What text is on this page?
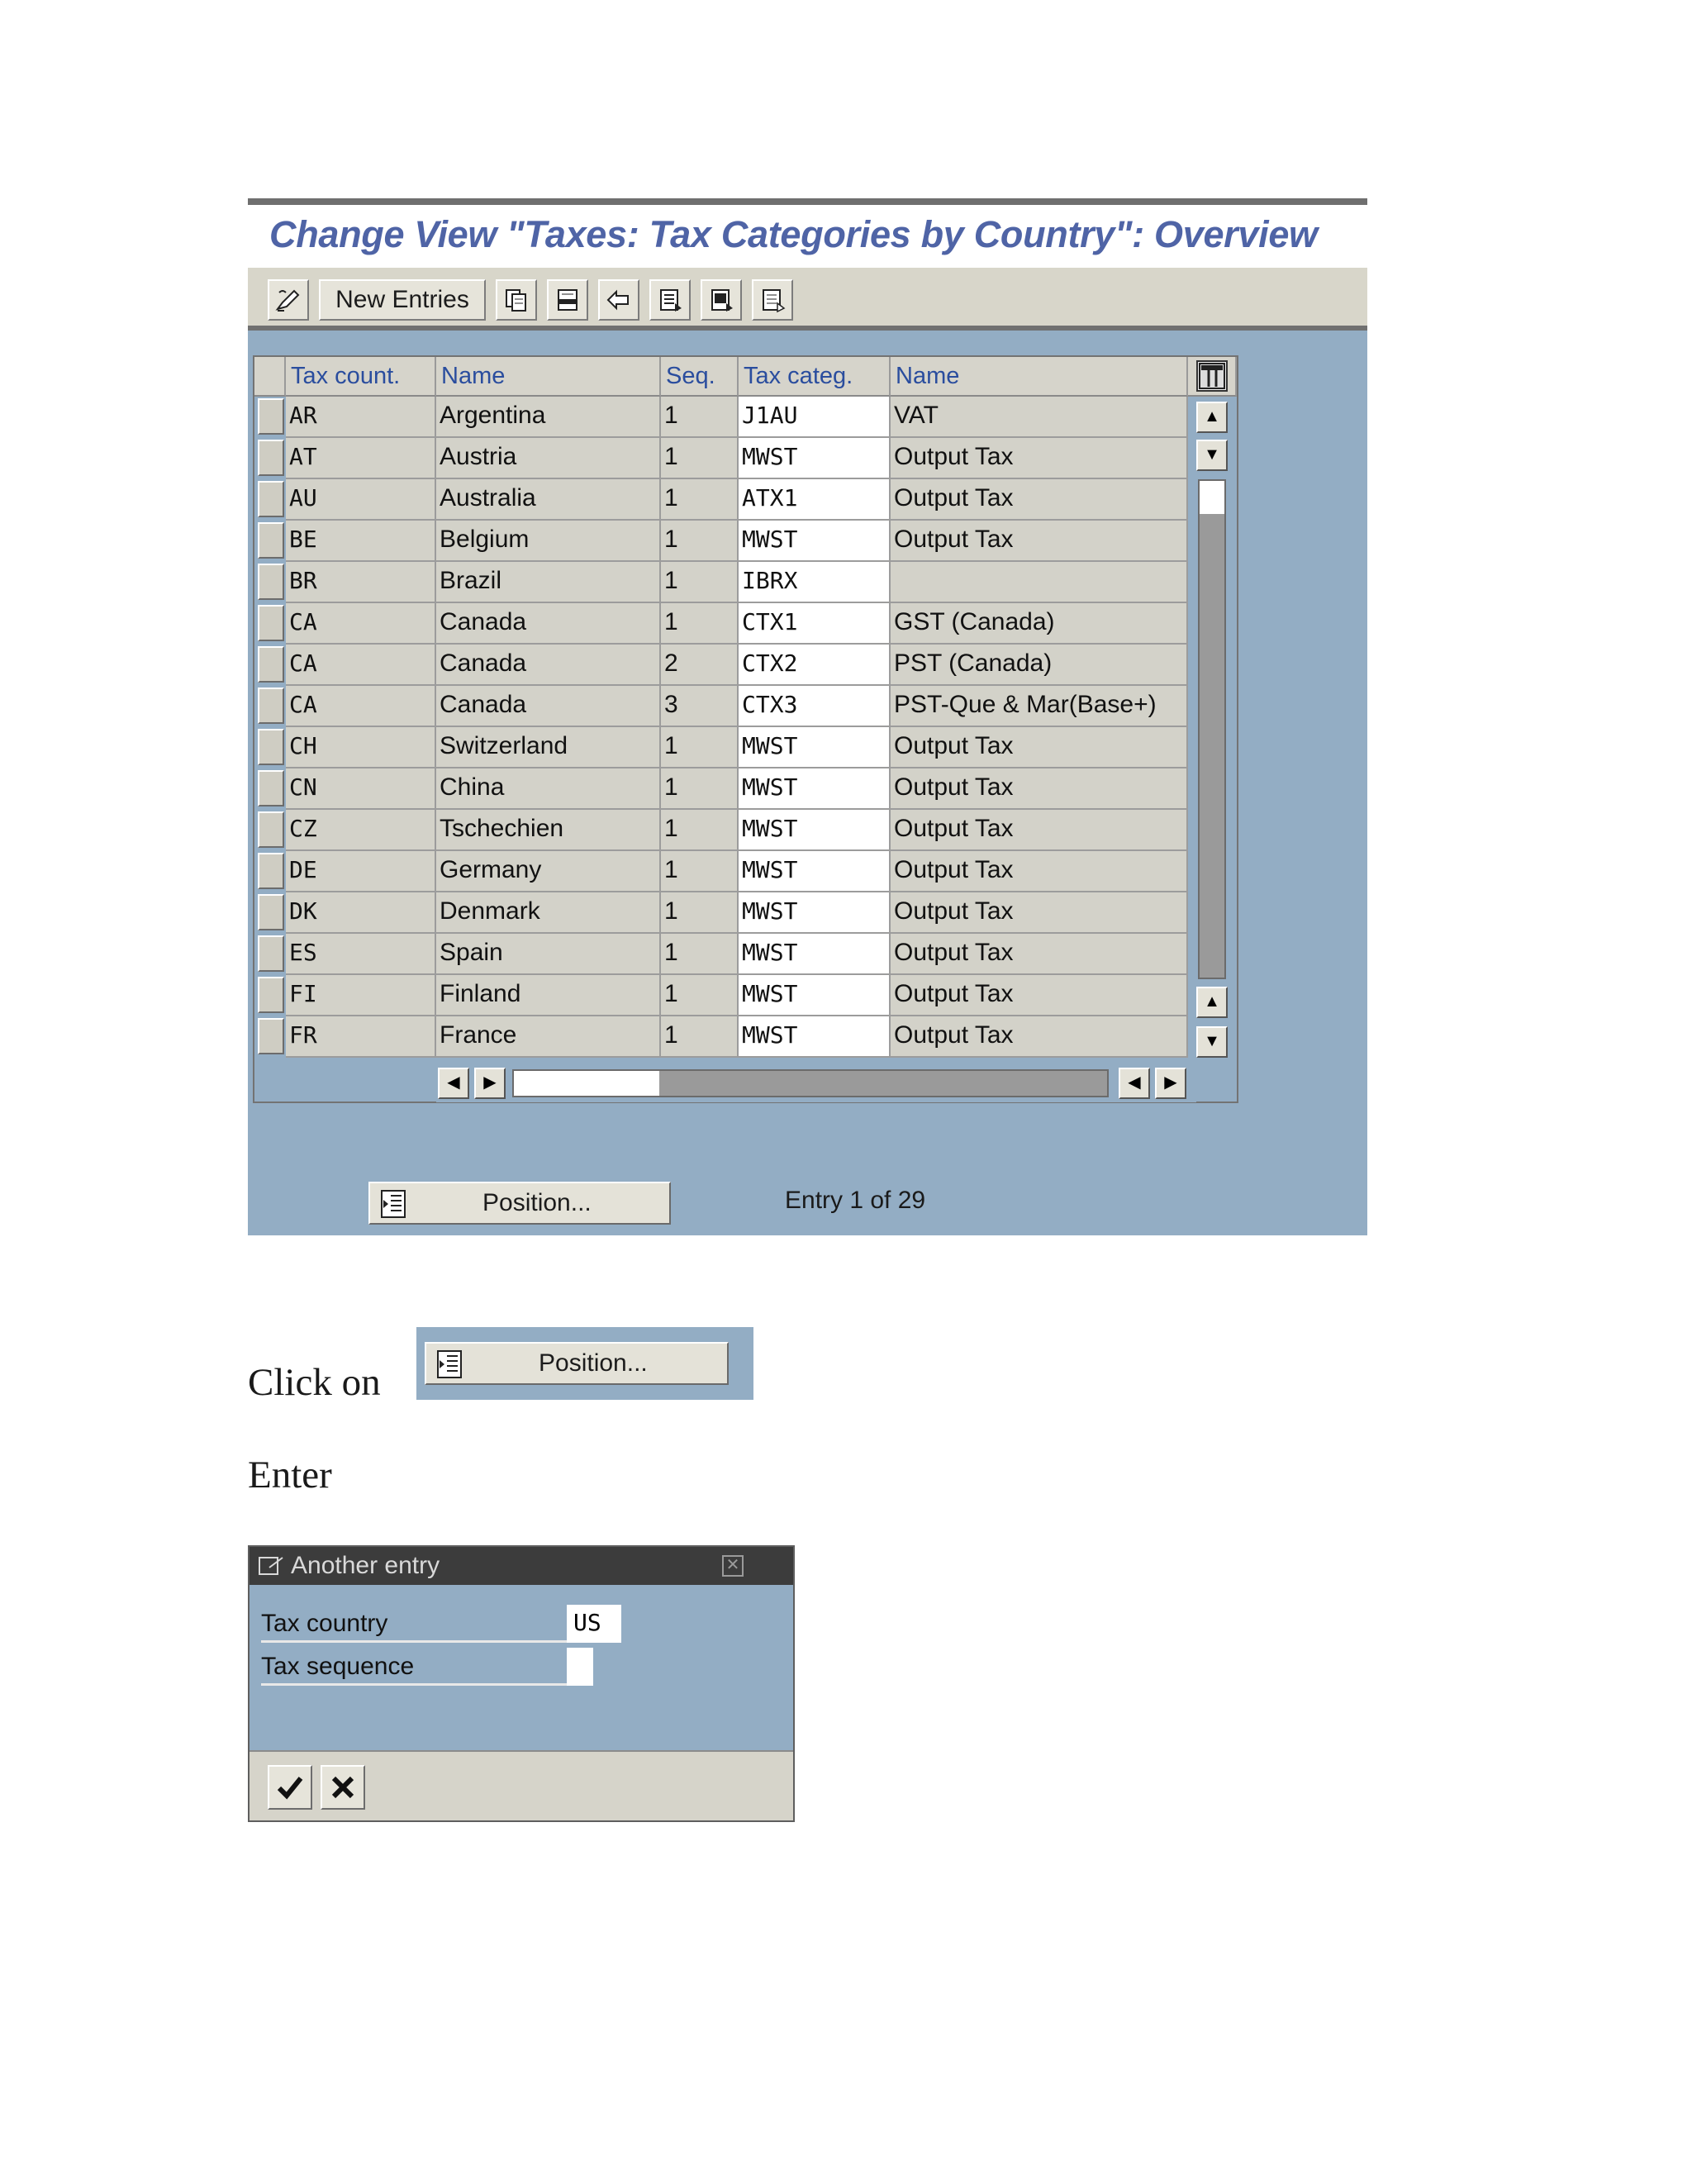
Change View "Taxes: Tax Categories by Country": Overview
New Entries
Tax count.	Name	Seq.	Tax categ.	Name
AR	Argentina	1	J1AU	VAT
AT	Austria	1	MWST	Output Tax
AU	Australia	1	ATX1	Output Tax
BE	Belgium	1	MWST	Output Tax
BR	Brazil	1	IBRX
CA	Canada	1	CTX1	GST (Canada)
CA	Canada	2	CTX2	PST (Canada)
CA	Canada	3	CTX3	PST-Que & Mar(Base+)
CH	Switzerland	1	MWST	Output Tax
CN	China	1	MWST	Output Tax
CZ	Tschechien	1	MWST	Output Tax
DE	Germany	1	MWST	Output Tax
DK	Denmark	1	MWST	Output Tax
ES	Spain	1	MWST	Output Tax
FI	Finland	1	MWST	Output Tax
FR	France	1	MWST	Output Tax
▲
▼
▲
▼
◀	▶	◀	▶
Position...	Entry 1 of 29
Click on	Position...
Enter
Another entry	✕
Tax country	US
Tax sequence
